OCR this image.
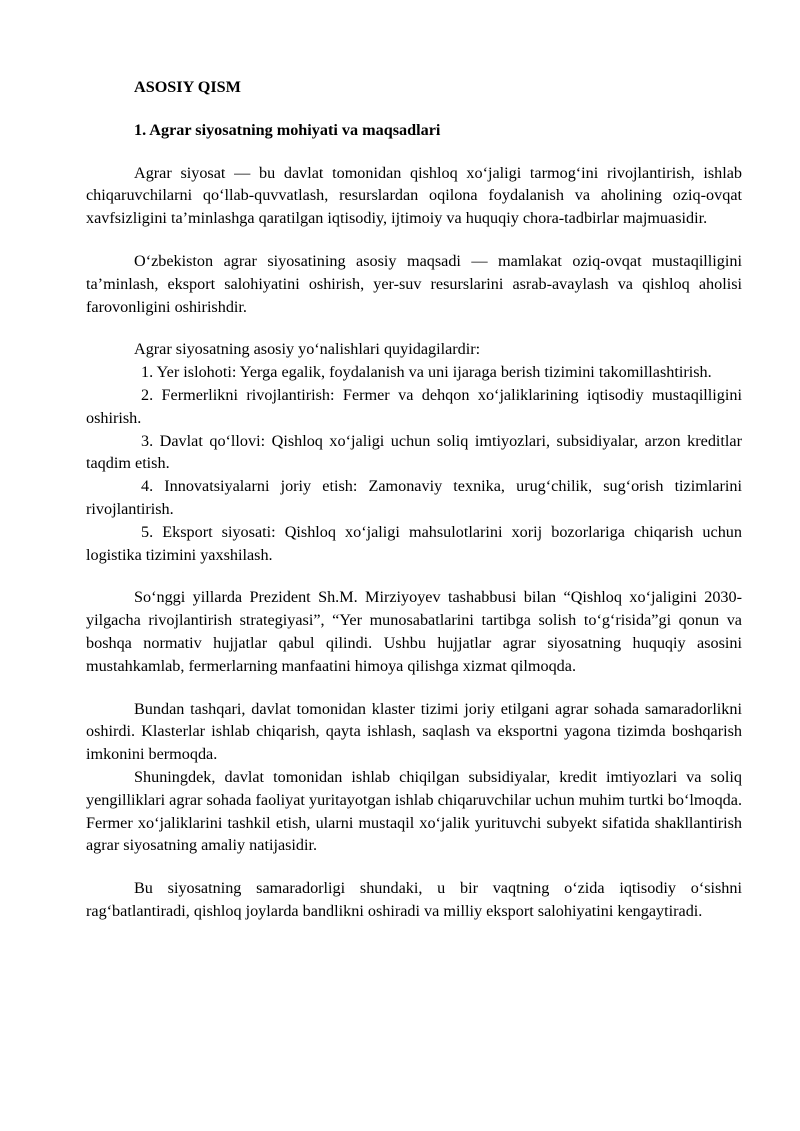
ASOSIY QISM
1. Agrar siyosatning mohiyati va maqsadlari

Agrar siyosat — bu davlat tomonidan qishloq xo‘jaligi tarmog‘ini rivojlantirish, ishlab chiqaruvchilarni qo‘llab-quvvatlash, resurslardan oqilona foydalanish va aholining oziq-ovqat xavfsizligini ta’minlashga qaratilgan iqtisodiy, ijtimoiy va huquqiy chora-tadbirlar majmuasidir.

O‘zbekiston agrar siyosatining asosiy maqsadi — mamlakat oziq-ovqat mustaqilligini ta’minlash, eksport salohiyatini oshirish, yer-suv resurslarini asrab-avaylash va qishloq aholisi farovonligini oshirishdir.

Agrar siyosatning asosiy yo‘nalishlari quyidagilardir:

1. Yer islohoti: Yerga egalik, foydalanish va uni ijaraga berish tizimini takomillashtirish.

2. Fermerlikni rivojlantirish: Fermer va dehqon xo‘jaliklarining iqtisodiy mustaqilligini oshirish.

3. Davlat qo‘llovi: Qishloq xo‘jaligi uchun soliq imtiyozlari, subsidiyalar, arzon kreditlar taqdim etish.

4. Innovatsiyalarni joriy etish: Zamonaviy texnika, urug‘chilik, sug‘orish tizimlarini rivojlantirish.

5. Eksport siyosati: Qishloq xo‘jaligi mahsulotlarini xorij bozorlariga chiqarish uchun logistika tizimini yaxshilash.

So‘nggi yillarda Prezident Sh.M. Mirziyoyev tashabbusi bilan “Qishloq xo‘jaligini 2030-yilgacha rivojlantirish strategiyasi”, “Yer munosabatlarini tartibga solish to‘g‘risida”gi qonun va boshqa normativ hujjatlar qabul qilindi. Ushbu hujjatlar agrar siyosatning huquqiy asosini mustahkamlab, fermerlarning manfaatini himoya qilishga xizmat qilmoqda.

Bundan tashqari, davlat tomonidan klaster tizimi joriy etilgani agrar sohada samaradorlikni oshirdi. Klasterlar ishlab chiqarish, qayta ishlash, saqlash va eksportni yagona tizimda boshqarish imkonini bermoqda.

Shuningdek, davlat tomonidan ishlab chiqilgan subsidiyalar, kredit imtiyozlari va soliq yengilliklari agrar sohada faoliyat yuritayotgan ishlab chiqaruvchilar uchun muhim turtki bo‘lmoqda. Fermer xo‘jaliklarini tashkil etish, ularni mustaqil xo‘jalik yurituvchi subyekt sifatida shakllantirish agrar siyosatning amaliy natijasidir.

Bu siyosatning samaradorligi shundaki, u bir vaqtning o‘zida iqtisodiy o‘sishni rag‘batlantiradi, qishloq joylarda bandlikni oshiradi va milliy eksport salohiyatini kengaytiradi.
